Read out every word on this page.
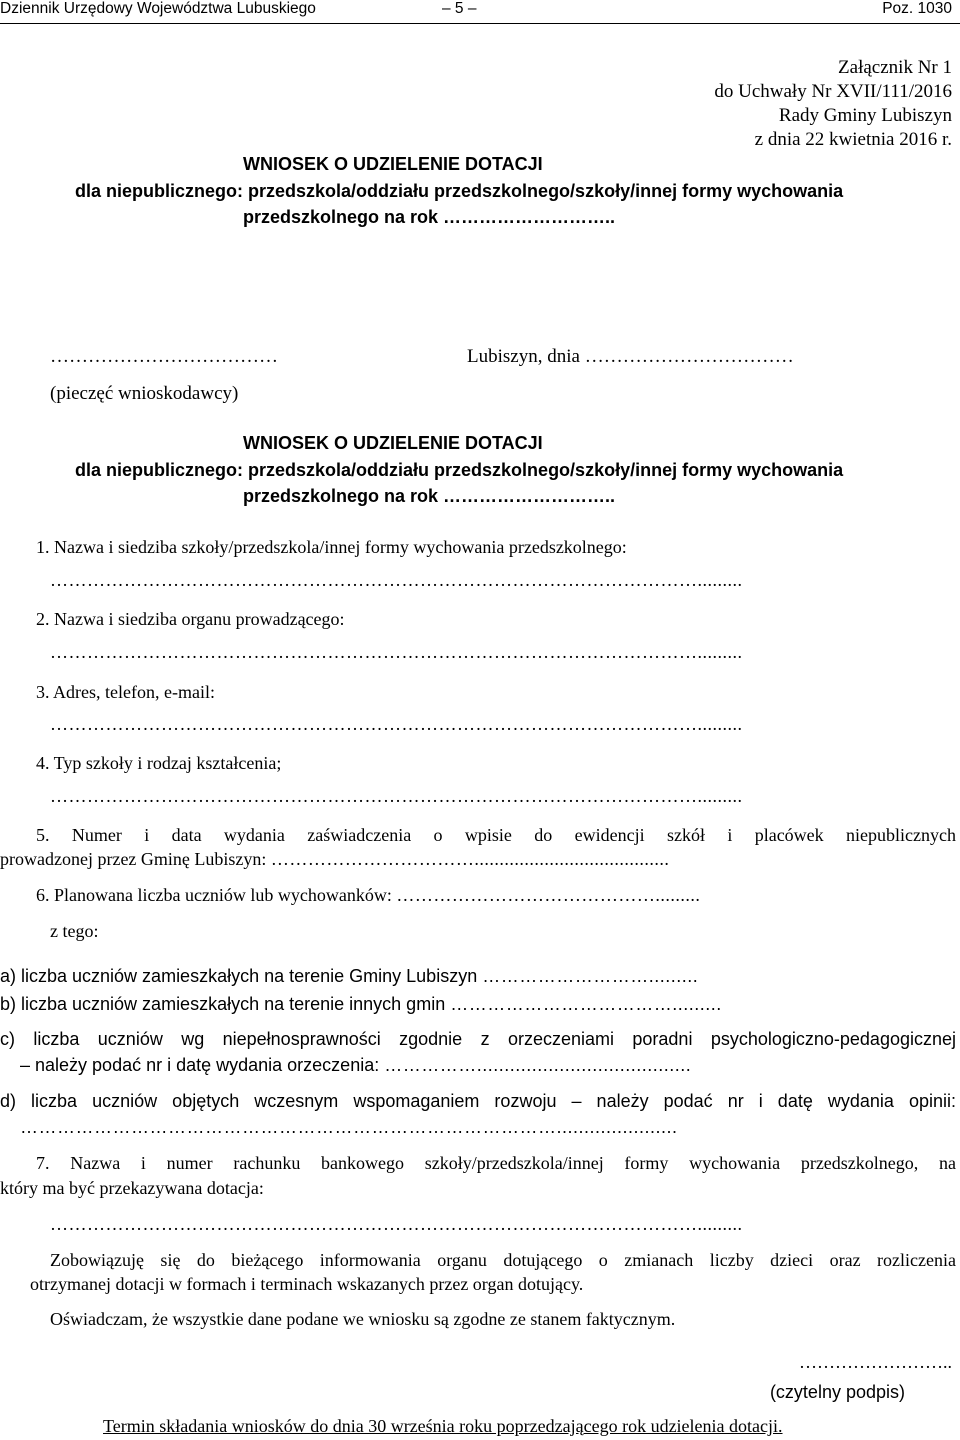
Dziennik Urzędowy Województwa Lubuskiego	– 5 –	Poz. 1030
Załącznik Nr 1
do Uchwały Nr XVII/111/2016
Rady Gminy Lubiszyn
z dnia 22 kwietnia 2016 r.
WNIOSEK O UDZIELENIE DOTACJI
dla niepublicznego: przedszkola/oddziału przedszkolnego/szkoły/innej formy wychowania
przedszkolnego na rok ………………………..
………………………………
(pieczęć wnioskodawcy)
Lubiszyn, dnia ……………………………
WNIOSEK O UDZIELENIE DOTACJI
dla niepublicznego: przedszkola/oddziału przedszkolnego/szkoły/innej formy wychowania
przedszkolnego na rok ………………………..
1. Nazwa i siedziba szkoły/przedszkola/innej formy wychowania przedszkolnego:
…………………………………………………………………………………………….........
2. Nazwa i siedziba organu prowadzącego:
…………………………………………………………………………………………….........
3. Adres, telefon, e-mail:
…………………………………………………………………………………………….........
4. Typ szkoły i rodzaj kształcenia;
…………………………………………………………………………………………….........
5. Numer i data wydania zaświadczenia o wpisie do ewidencji szkół i placówek niepublicznych
prowadzonej przez Gminę Lubiszyn: …………………………….......................................
6. Planowana liczba uczniów lub wychowanków: …………………………………….........
z tego:
a) liczba uczniów zamieszkałych na terenie Gminy Lubiszyn ……………………….........
b) liczba uczniów zamieszkałych na terenie innych gmin ……………………………….........
c) liczba uczniów wg niepełnosprawności zgodnie z orzeczeniami poradni psychologiczno-pedagogicznej
– należy podać nr i datę wydania orzeczenia: …………….......................................
d) liczba uczniów objętych wczesnym wspomaganiem rozwoju – należy podać nr i datę wydania opinii:
……………………………………………………………………………......................
7. Nazwa i numer rachunku bankowego szkoły/przedszkola/innej formy wychowania przedszkolnego, na
który ma być przekazywana dotacja:
…………………………………………………………………………………………….........
Zobowiązuję się do bieżącego informowania organu dotującego o zmianach liczby dzieci oraz rozliczenia
otrzymanej dotacji w formach i terminach wskazanych przez organ dotujący.
Oświadczam, że wszystkie dane podane we wniosku są zgodne ze stanem faktycznym.
……………………..
(czytelny podpis)
Termin składania wniosków do dnia 30 września roku poprzedzającego rok udzielenia dotacji.
